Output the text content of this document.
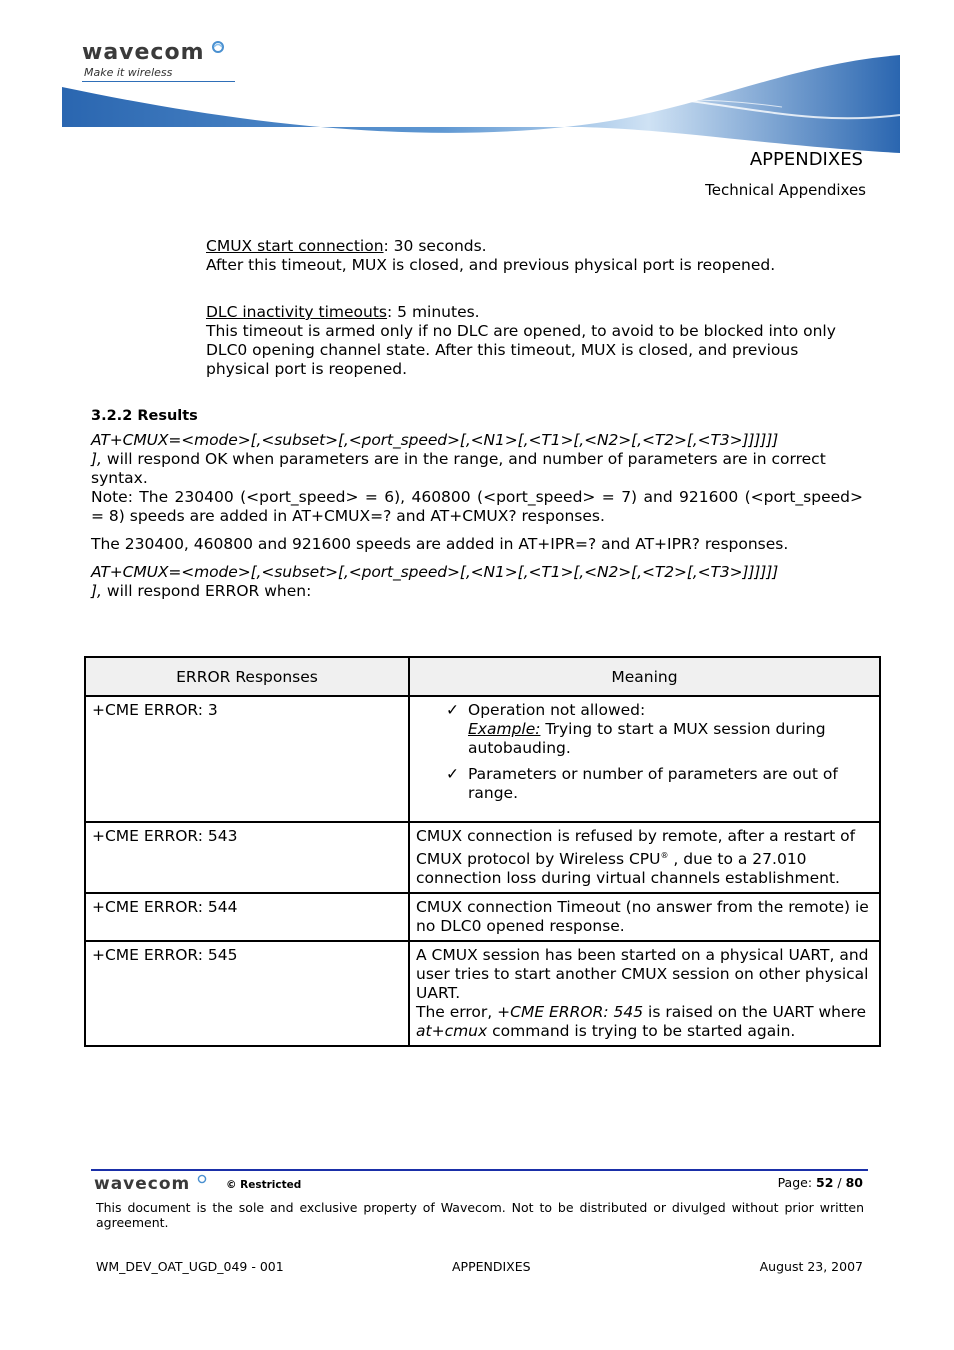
wavecom
Make it wireless
APPENDIXES
Technical Appendixes
CMUX start connection: 30 seconds.
After this timeout, MUX is closed, and previous physical port is reopened.
DLC inactivity timeouts: 5 minutes.
This timeout is armed only if no DLC are opened, to avoid to be blocked into only DLC0 opening channel state. After this timeout, MUX is closed, and previous physical port is reopened.
3.2.2 Results
AT+CMUX=<mode>[,<subset>[,<port_speed>[,<N1>[,<T1>[,<N2>[,<T2>[,<T3>]]]]]]
], will respond OK when parameters are in the range, and number of parameters are in correct syntax.
Note: The 230400 (<port_speed> = 6), 460800 (<port_speed> = 7) and 921600 (<port_speed> = 8) speeds are added in AT+CMUX=? and AT+CMUX? responses.
The 230400, 460800 and 921600 speeds are added in AT+IPR=? and AT+IPR? responses.
AT+CMUX=<mode>[,<subset>[,<port_speed>[,<N1>[,<T1>[,<N2>[,<T2>[,<T3>]]]]]]
], will respond ERROR when:
ERROR Responses	Meaning
+CME ERROR: 3	✓ Operation not allowed:
Example: Trying to start a MUX session during autobauding.
✓ Parameters or number of parameters are out of range.

+CME ERROR: 543	CMUX connection is refused by remote, after a restart of CMUX protocol by Wireless CPU® , due to a 27.010 connection loss during virtual channels establishment.
+CME ERROR: 544	CMUX connection Timeout (no answer from the remote) ie no DLC0 opened response.
+CME ERROR: 545	A CMUX session has been started on a physical UART, and user tries to start another CMUX session on other physical UART.
The error, +CME ERROR: 545 is raised on the UART where at+cmux command is trying to be started again.
wavecom	© Restricted	Page: 52 / 80
This document is the sole and exclusive property of Wavecom. Not to be distributed or divulged without prior written agreement.
WM_DEV_OAT_UGD_049 - 001	APPENDIXES	August 23, 2007
